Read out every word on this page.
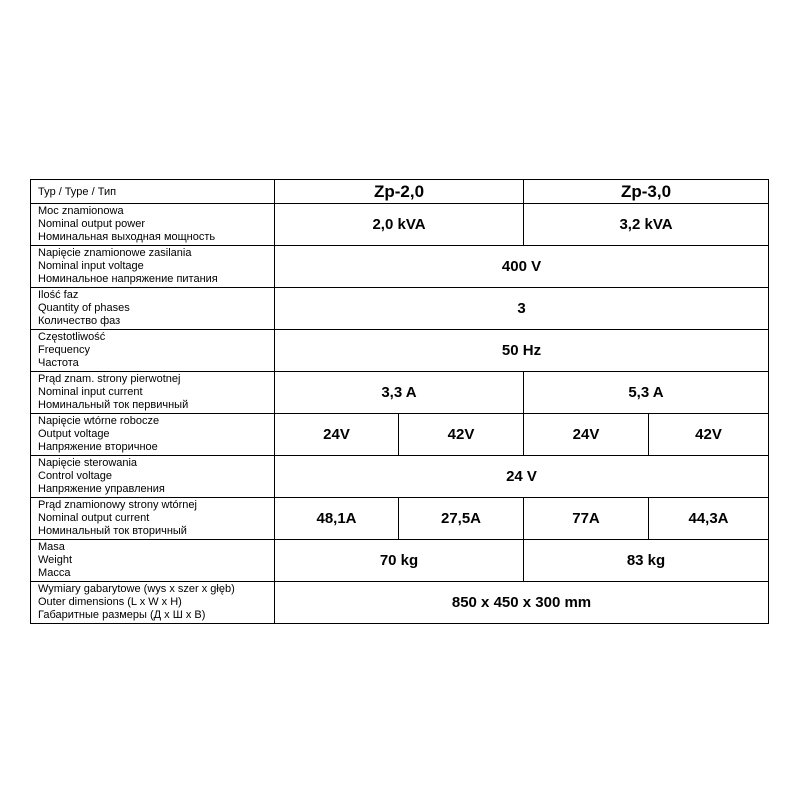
Typ / Type / Тип	Zp-2,0		Zp-3,0	

Moc znamionowa
Nominal output power
Номинальная выходная мощность	2,0 kVA		3,2 kVA	

Napięcie znamionowe zasilania
Nominal input voltage
Номинальное напряжение питания	400 V			

Ilość faz
Quantity of phases
Количество фаз	3			

Częstotliwość
Frequency
Частота	50 Hz			

Prąd znam. strony pierwotnej
Nominal input current
Номинальный ток первичный	3,3 A		5,3 A	

Napięcie wtórne robocze
Output voltage
Напряжение вторичное	24V	42V	24V	42V

Napięcie sterowania
Control voltage
Напряжение управления	24 V			

Prąd znamionowy strony wtórnej
Nominal output current
Номинальный ток вторичный	48,1A	27,5A	77A	44,3A

Masa
Weight
Масса	70 kg		83 kg	

Wymiary gabarytowe (wys x szer x głęb)
Outer dimensions (L x W x H)
Габаритные размеры (Д x Ш x В)	850 x 450 x 300 mm			
